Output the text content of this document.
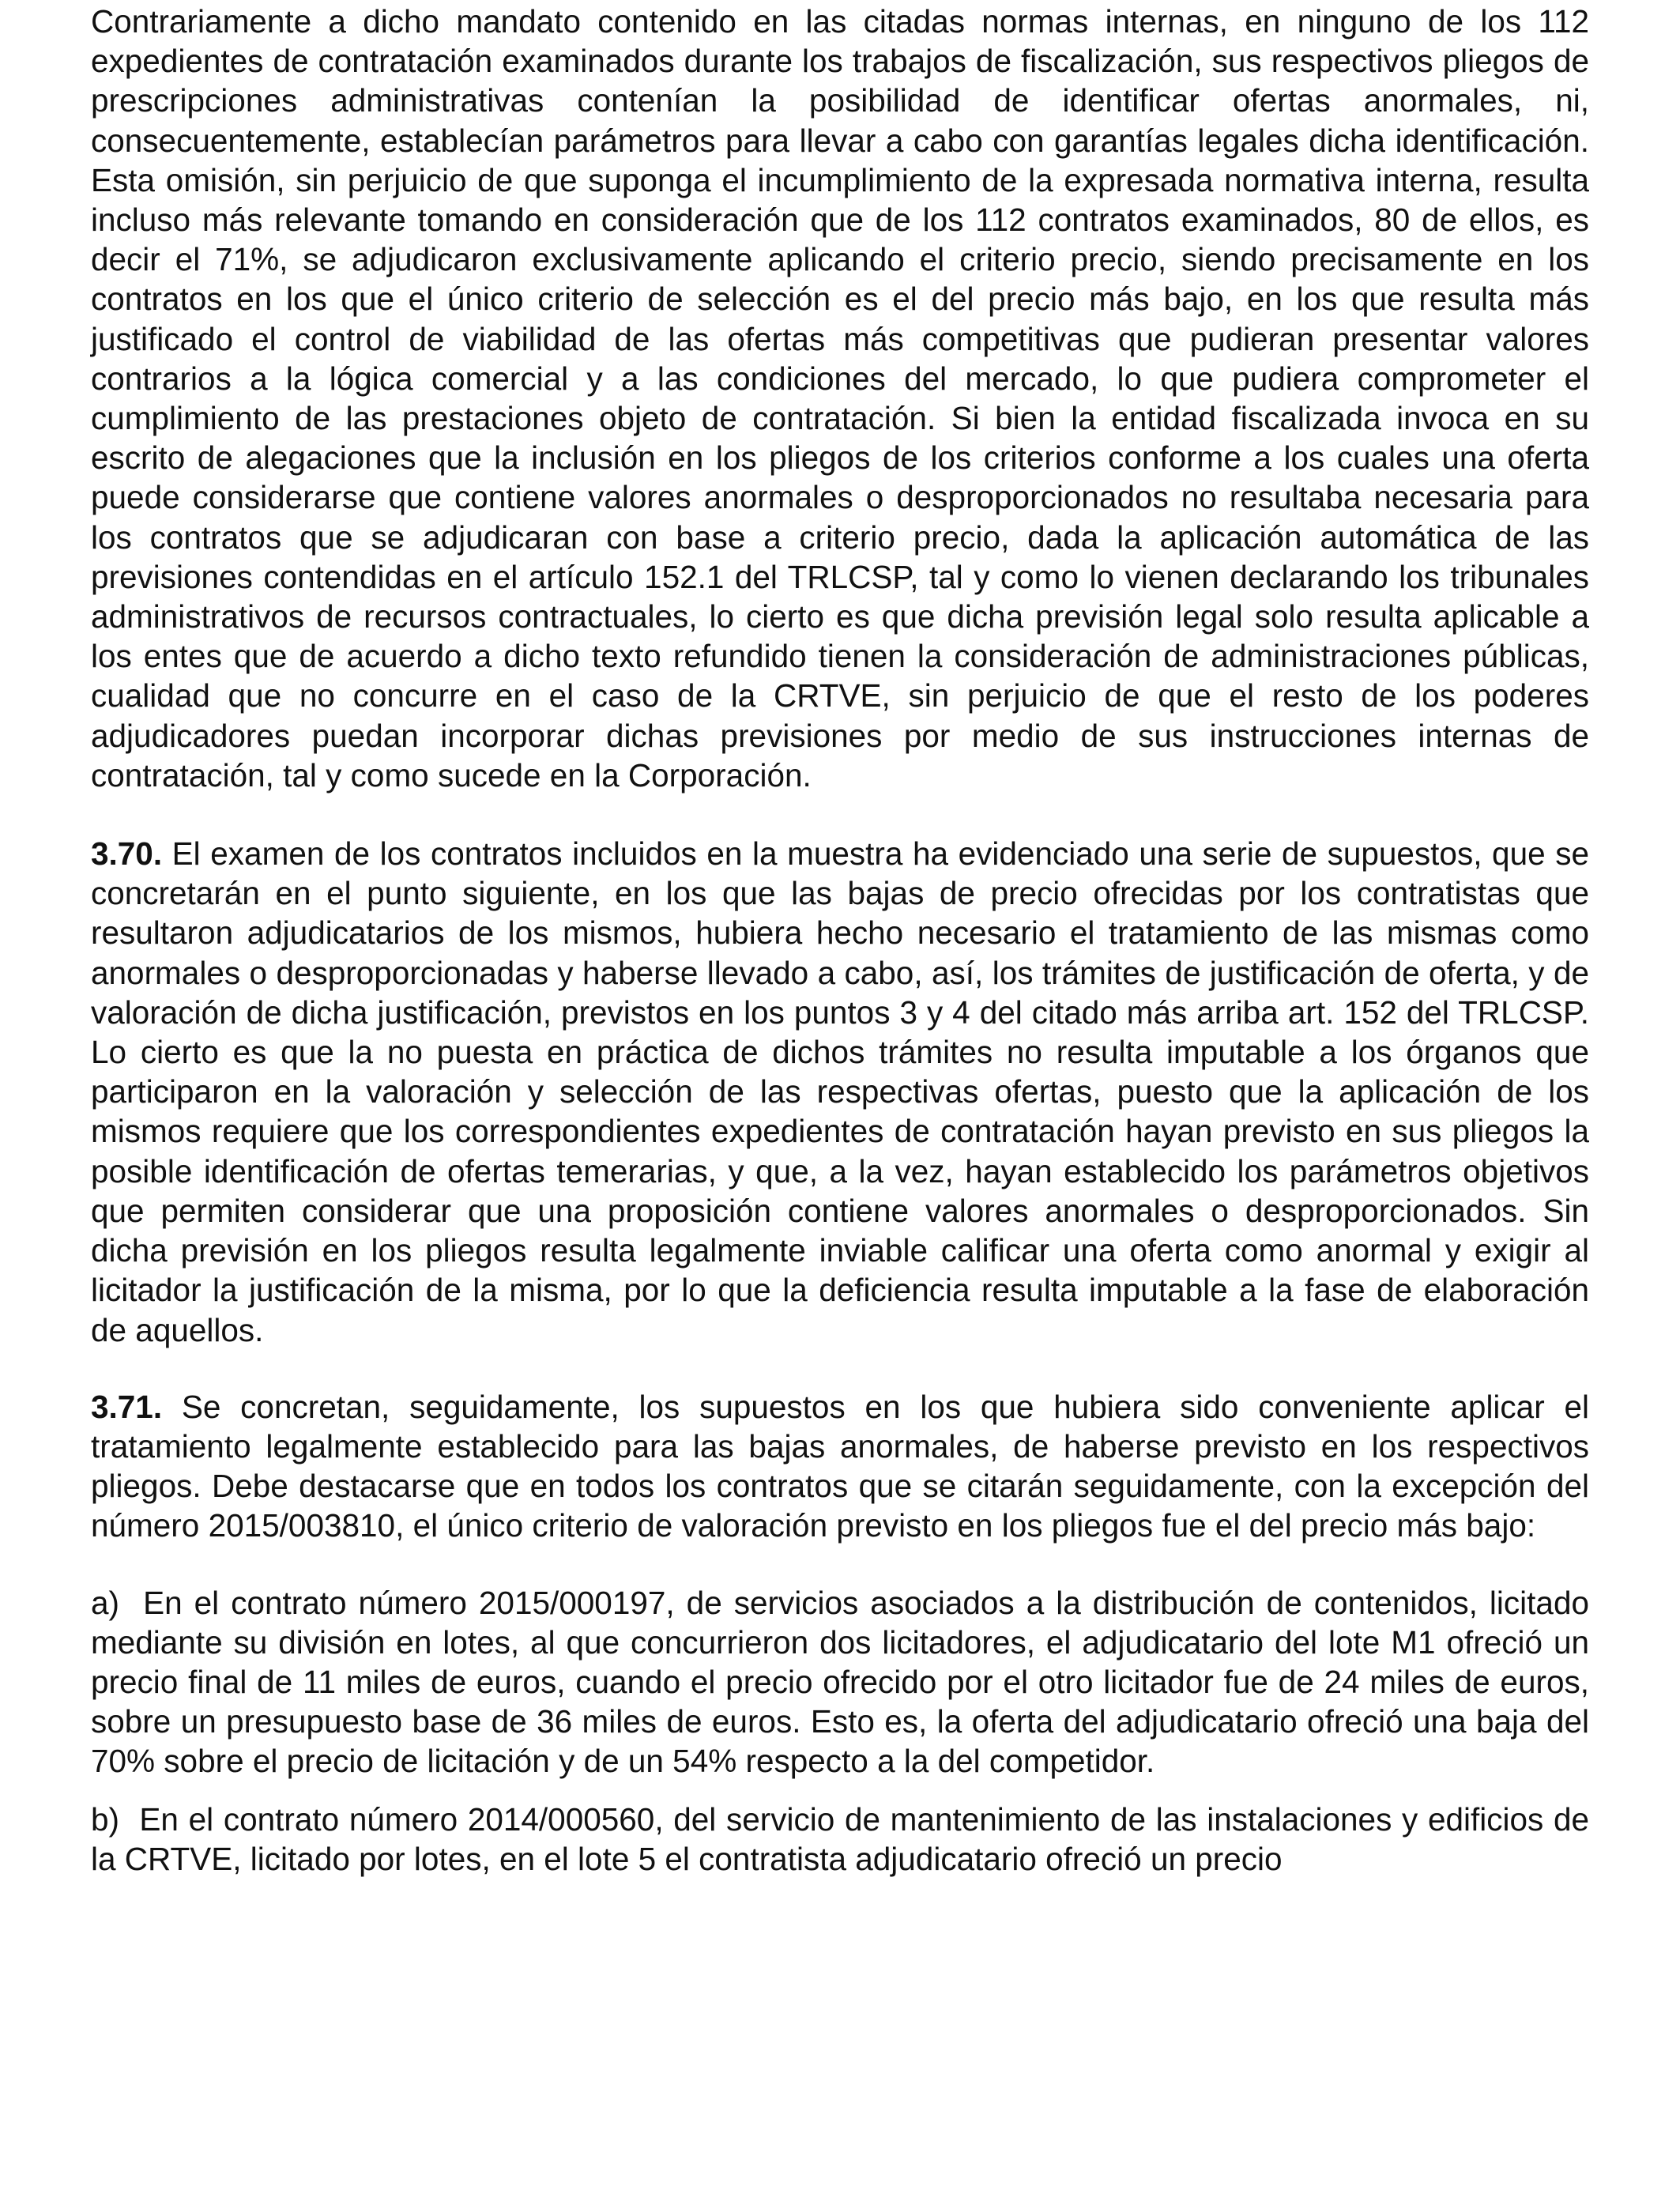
Contrariamente a dicho mandato contenido en las citadas normas internas, en ninguno de los 112 expedientes de contratación examinados durante los trabajos de fiscalización, sus respectivos pliegos de prescripciones administrativas contenían la posibilidad de identificar ofertas anormales, ni, consecuentemente, establecían parámetros para llevar a cabo con garantías legales dicha identificación. Esta omisión, sin perjuicio de que suponga el incumplimiento de la expresada normativa interna, resulta incluso más relevante tomando en consideración que de los 112 contratos examinados, 80 de ellos, es decir el 71%, se adjudicaron exclusivamente aplicando el criterio precio, siendo precisamente en los contratos en los que el único criterio de selección es el del precio más bajo, en los que resulta más justificado el control de viabilidad de las ofertas más competitivas que pudieran presentar valores contrarios a la lógica comercial y a las condiciones del mercado, lo que pudiera comprometer el cumplimiento de las prestaciones objeto de contratación. Si bien la entidad fiscalizada invoca en su escrito de alegaciones que la inclusión en los pliegos de los criterios conforme a los cuales una oferta puede considerarse que contiene valores anormales o desproporcionados no resultaba necesaria para los contratos que se adjudicaran con base a criterio precio, dada la aplicación automática de las previsiones contendidas en el artículo 152.1 del TRLCSP, tal y como lo vienen declarando los tribunales administrativos de recursos contractuales, lo cierto es que dicha previsión legal solo resulta aplicable a los entes que de acuerdo a dicho texto refundido tienen la consideración de administraciones públicas, cualidad que no concurre en el caso de la CRTVE, sin perjuicio de que el resto de los poderes adjudicadores puedan incorporar dichas previsiones por medio de sus instrucciones internas de contratación, tal y como sucede en la Corporación.

3.70. El examen de los contratos incluidos en la muestra ha evidenciado una serie de supuestos, que se concretarán en el punto siguiente, en los que las bajas de precio ofrecidas por los contratistas que resultaron adjudicatarios de los mismos, hubiera hecho necesario el tratamiento de las mismas como anormales o desproporcionadas y haberse llevado a cabo, así, los trámites de justificación de oferta, y de valoración de dicha justificación, previstos en los puntos 3 y 4 del citado más arriba art. 152 del TRLCSP. Lo cierto es que la no puesta en práctica de dichos trámites no resulta imputable a los órganos que participaron en la valoración y selección de las respectivas ofertas, puesto que la aplicación de los mismos requiere que los correspondientes expedientes de contratación hayan previsto en sus pliegos la posible identificación de ofertas temerarias, y que, a la vez, hayan establecido los parámetros objetivos que permiten considerar que una proposición contiene valores anormales o desproporcionados. Sin dicha previsión en los pliegos resulta legalmente inviable calificar una oferta como anormal y exigir al licitador la justificación de la misma, por lo que la deficiencia resulta imputable a la fase de elaboración de aquellos.

3.71. Se concretan, seguidamente, los supuestos en los que hubiera sido conveniente aplicar el tratamiento legalmente establecido para las bajas anormales, de haberse previsto en los respectivos pliegos. Debe destacarse que en todos los contratos que se citarán seguidamente, con la excepción del número 2015/003810, el único criterio de valoración previsto en los pliegos fue el del precio más bajo:

a) En el contrato número 2015/000197, de servicios asociados a la distribución de contenidos, licitado mediante su división en lotes, al que concurrieron dos licitadores, el adjudicatario del lote M1 ofreció un precio final de 11 miles de euros, cuando el precio ofrecido por el otro licitador fue de 24 miles de euros, sobre un presupuesto base de 36 miles de euros. Esto es, la oferta del adjudicatario ofreció una baja del 70% sobre el precio de licitación y de un 54% respecto a la del competidor.

b) En el contrato número 2014/000560, del servicio de mantenimiento de las instalaciones y edificios de la CRTVE, licitado por lotes, en el lote 5 el contratista adjudicatario ofreció un precio
